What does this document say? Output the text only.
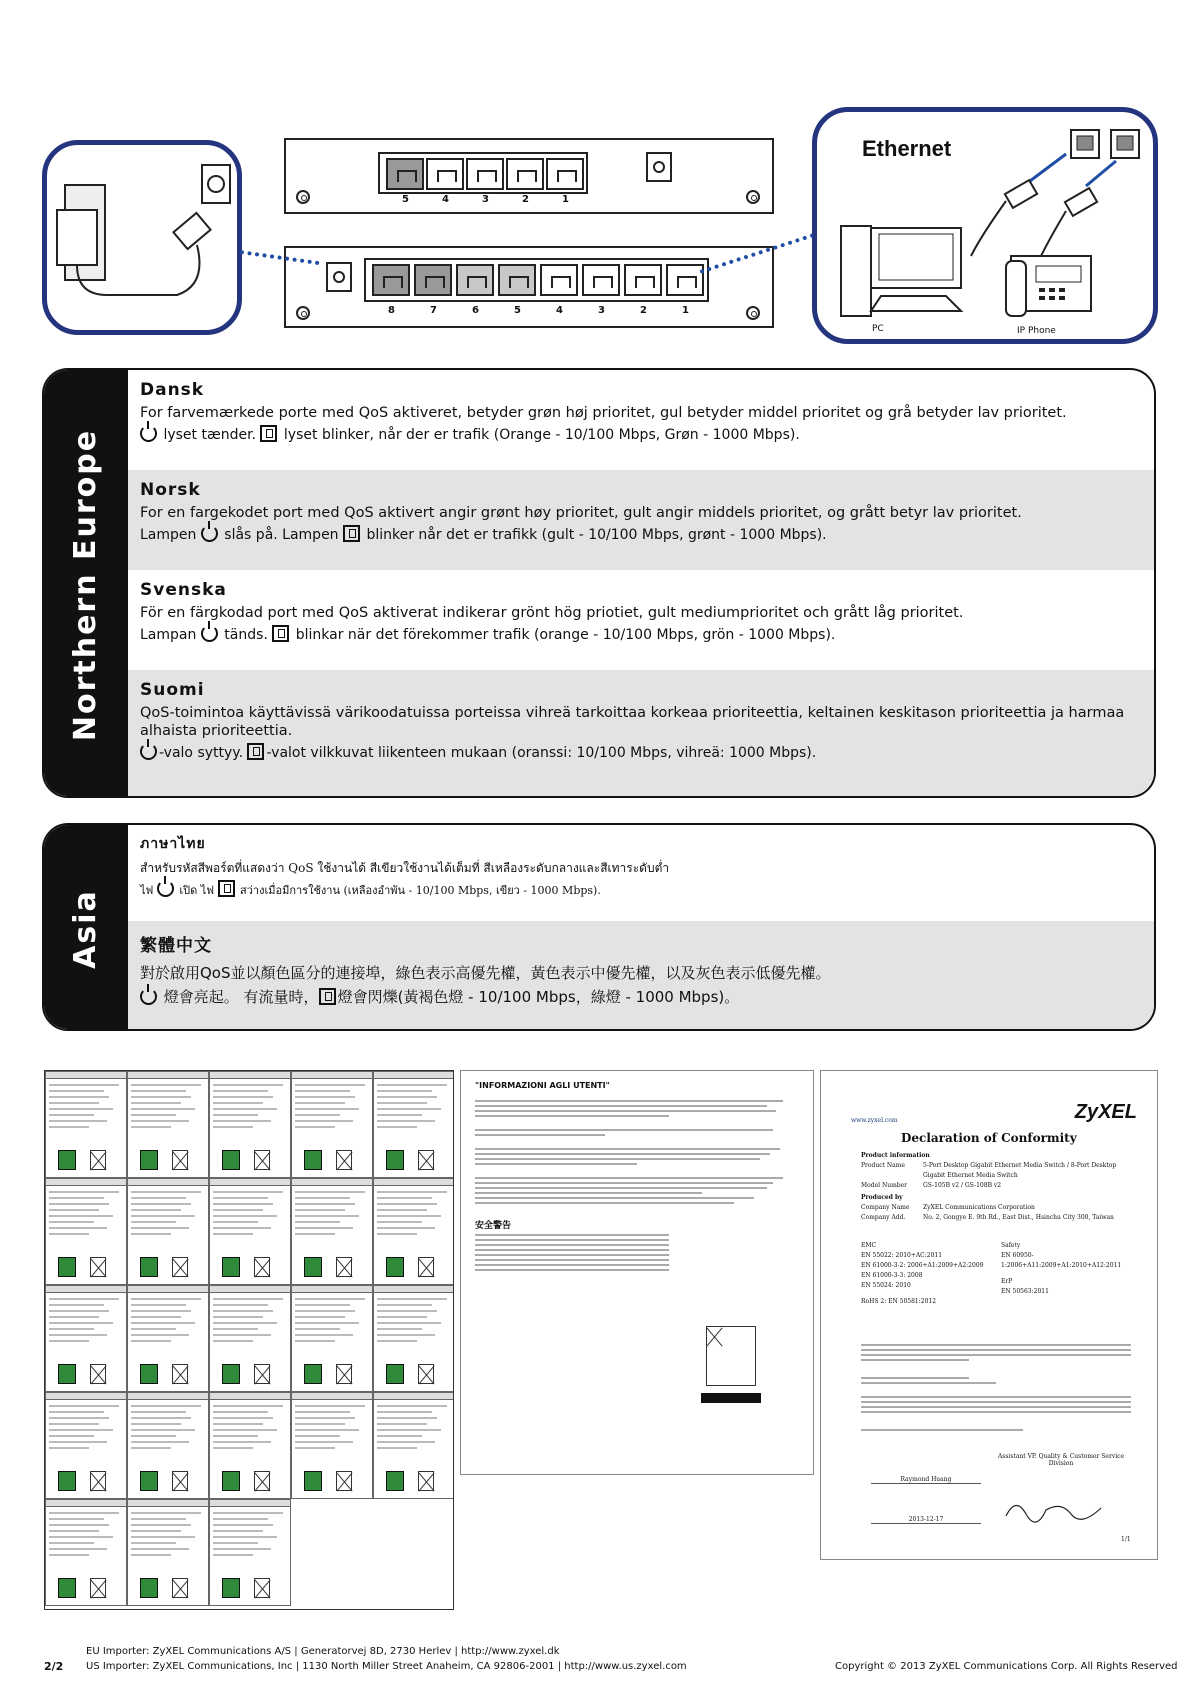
5	4	3	2	1
8	7	6	5	4	3	2	1
Ethernet
PC	IP Phone
Northern Europe
Dansk

For farvemærkede porte med QoS aktiveret, betyder grøn høj prioritet, gul betyder middel prioritet og grå betyder lav prioritet.

lyset tænder. lyset blinker, når der er trafik (Orange - 10/100 Mbps, Grøn - 1000 Mbps).

Norsk

For en fargekodet port med QoS aktivert angir grønt høy prioritet, gult angir middels prioritet, og grått betyr lav prioritet.

Lampen slås på. Lampen blinker når det er trafikk (gult - 10/100 Mbps, grønt - 1000 Mbps).

Svenska

För en färgkodad port med QoS aktiverat indikerar grönt hög priotiet, gult mediumprioritet och grått låg prioritet.

Lampan tänds. blinkar när det förekommer trafik (orange - 10/100 Mbps, grön - 1000 Mbps).

Suomi

QoS-toimintoa käyttävissä värikoodatuissa porteissa vihreä tarkoittaa korkeaa prioriteettia, keltainen keskitason prioriteettia ja harmaa alhaista prioriteettia.

-valo syttyy. -valot vilkkuvat liikenteen mukaan (oranssi: 10/100 Mbps, vihreä: 1000 Mbps).

Asia
ภาษาไทย

สำหรับรหัสสีพอร์ตที่แสดงว่า QoS ใช้งานได้ สีเขียวใช้งานได้เต็มที่ สีเหลืองระดับกลางและสีเทาระดับต่ำ

ไฟ เปิด ไฟ สว่างเมื่อมีการใช้งาน (เหลืองอำพัน - 10/100 Mbps, เขียว - 1000 Mbps).

繁體中文

對於啟用QoS並以顏色區分的連接埠，綠色表示高優先權，黃色表示中優先權，以及灰色表示低優先權。

燈會亮起。 有流量時， 燈會閃爍(黃褐色燈 - 10/100 Mbps，綠燈 - 1000 Mbps)。

"INFORMAZIONI AGLI UTENTI"
安全警告
ZyXEL
www.zyxel.com
Declaration of Conformity
Product information
Product Name	5-Port Desktop Gigabit Ethernet Media Switch / 8-Port Desktop Gigabit Ethernet Media Switch
Model Number	GS-105B v2 / GS-108B v2
Produced by
Company Name	ZyXEL Communications Corporation
Company Add.	No. 2, Gongye E. 9th Rd., East Dist., Hsinchu City 300, Taiwan
EMC
EN 55022: 2010+AC:2011
EN 61000-3-2: 2006+A1:2009+A2:2009
EN 61000-3-3: 2008
EN 55024: 2010
RoHS 2: EN 50581:2012
Safety
EN 60950-1:2006+A11:2009+A1:2010+A12:2011
ErP
EN 50563:2011
Assistant VP. Quality & Customer Service Division
Raymond Huang
2013-12-17
1/1
2/2
EU Importer: ZyXEL Communications A/S | Generatorvej 8D, 2730 Herlev | http://www.zyxel.dk
US Importer: ZyXEL Communications, Inc | 1130 North Miller Street Anaheim, CA 92806-2001 | http://www.us.zyxel.com	Copyright © 2013 ZyXEL Communications Corp. All Rights Reserved
